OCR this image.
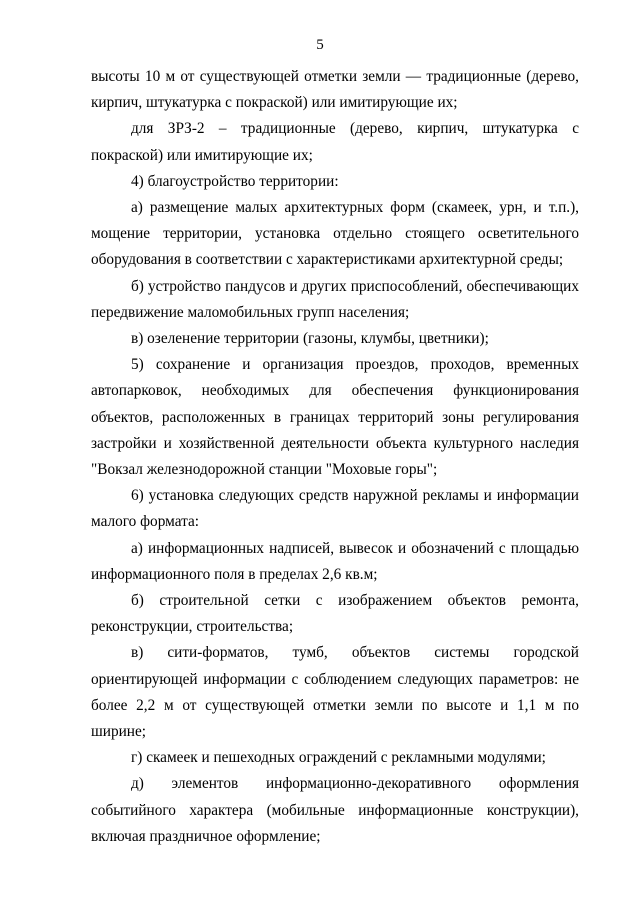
5

высоты 10 м от существующей отметки земли — традиционные (дерево, кирпич, штукатурка с покраской) или имитирующие их;

для ЗРЗ-2 – традиционные (дерево, кирпич, штукатурка с покраской) или имитирующие их;

4) благоустройство территории:

а) размещение малых архитектурных форм (скамеек, урн, и т.п.), мощение территории, установка отдельно стоящего осветительного оборудования в соответствии с характеристиками архитектурной среды;

б) устройство пандусов и других приспособлений, обеспечивающих передвижение маломобильных групп населения;

в) озеленение территории (газоны, клумбы, цветники);

5) сохранение и организация проездов, проходов, временных автопарковок, необходимых для обеспечения функционирования объектов, расположенных в границах территорий зоны регулирования застройки и хозяйственной деятельности объекта культурного наследия "Вокзал железнодорожной станции "Моховые горы";

6) установка следующих средств наружной рекламы и информации малого формата:

а) информационных надписей, вывесок и обозначений с площадью информационного поля в пределах 2,6 кв.м;

б) строительной сетки с изображением объектов ремонта, реконструкции, строительства;

в) сити-форматов, тумб, объектов системы городской ориентирующей информации с соблюдением следующих параметров: не более 2,2 м от существующей отметки земли по высоте и 1,1 м по ширине;

г) скамеек и пешеходных ограждений с рекламными модулями;

д) элементов информационно-декоративного оформления событийного характера (мобильные информационные конструкции), включая праздничное оформление;
